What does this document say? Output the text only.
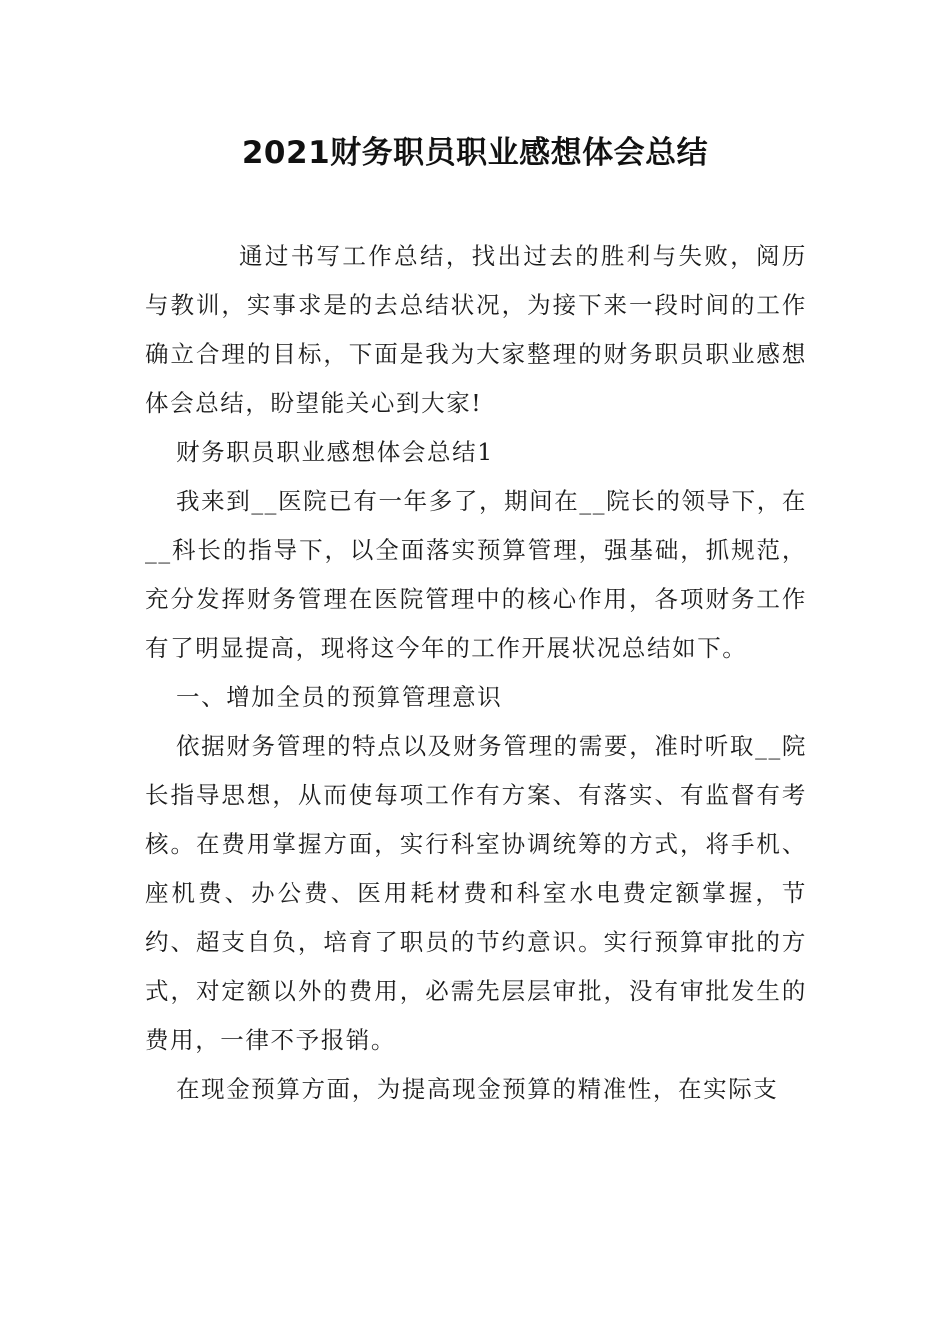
2021财务职员职业感想体会总结

通过书写工作总结，找出过去的胜利与失败，阅历与教训，实事求是的去总结状况，为接下来一段时间的工作确立合理的目标，下面是我为大家整理的财务职员职业感想体会总结，盼望能关心到大家!

财务职员职业感想体会总结1

我来到__医院已有一年多了，期间在__院长的领导下，在__科长的指导下，以全面落实预算管理，强基础，抓规范，充分发挥财务管理在医院管理中的核心作用，各项财务工作有了明显提高，现将这今年的工作开展状况总结如下。

一、增加全员的预算管理意识

依据财务管理的特点以及财务管理的需要，准时听取__院长指导思想，从而使每项工作有方案、有落实、有监督有考核。在费用掌握方面，实行科室协调统筹的方式，将手机、座机费、办公费、医用耗材费和科室水电费定额掌握，节约、超支自负，培育了职员的节约意识。实行预算审批的方式，对定额以外的费用，必需先层层审批，没有审批发生的费用，一律不予报销。

在现金预算方面，为提高现金预算的精准性，在实际支
